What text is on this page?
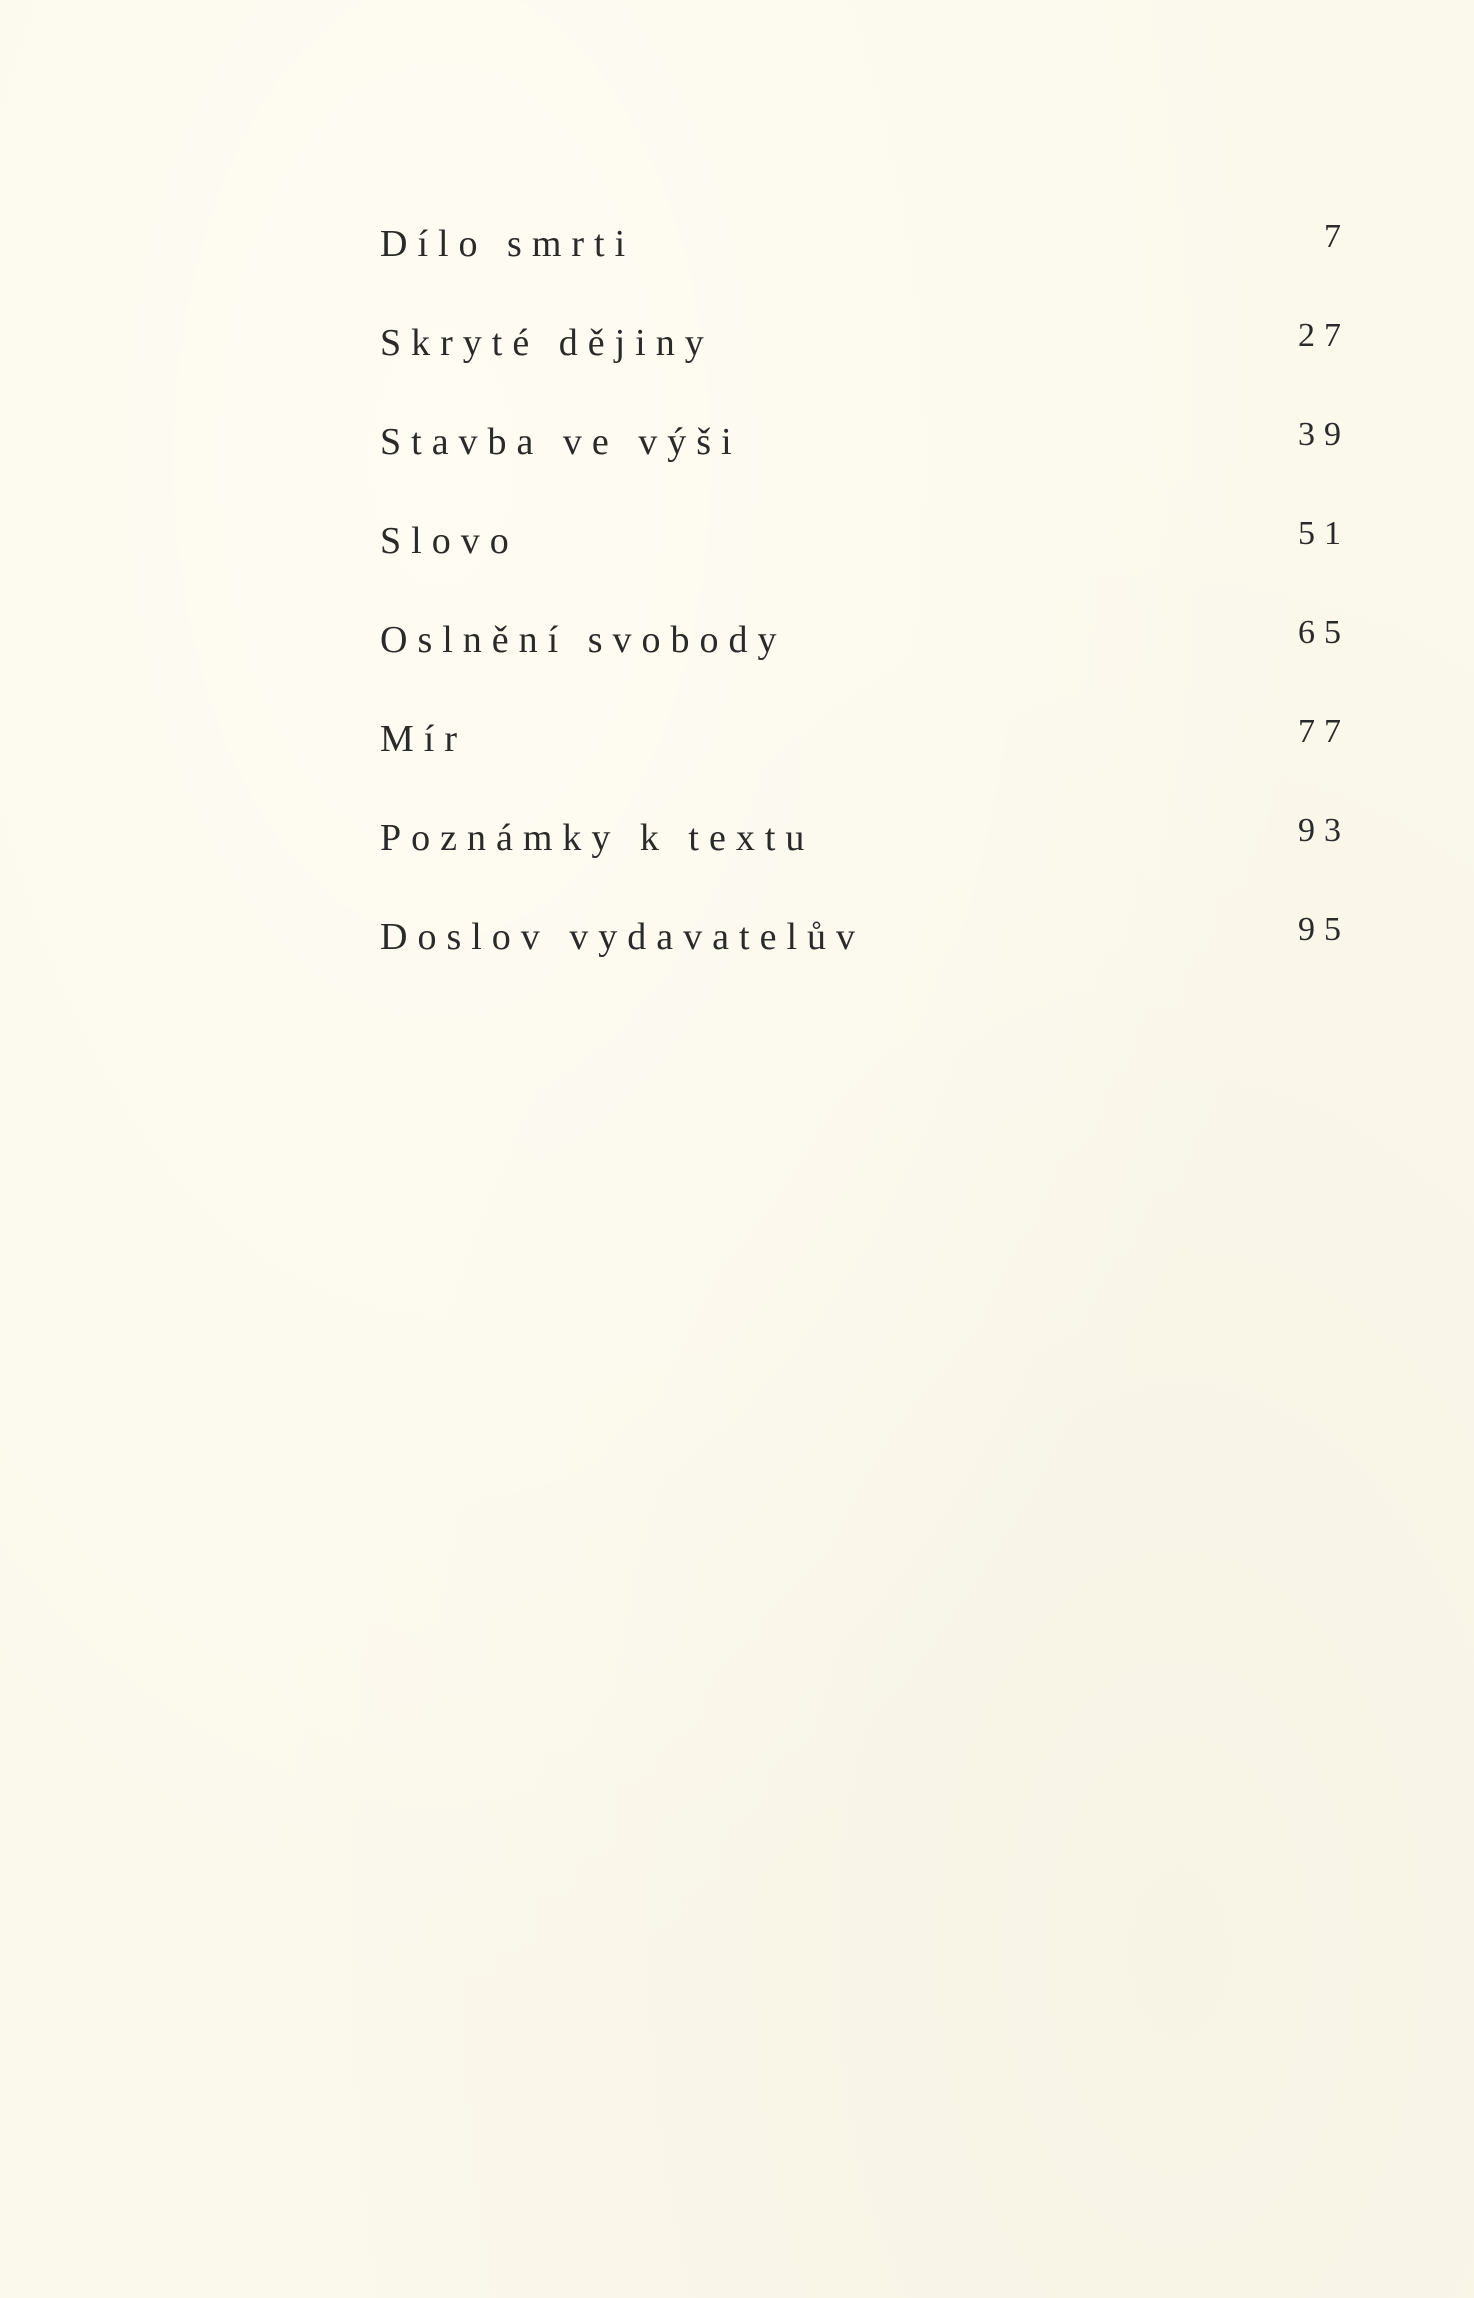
Dílo smrti	7
Skryté dějiny	27
Stavba ve výši	39
Slovo	51
Oslnění svobody	65
Mír	77
Poznámky k textu	93
Doslov vydavatelův	95
